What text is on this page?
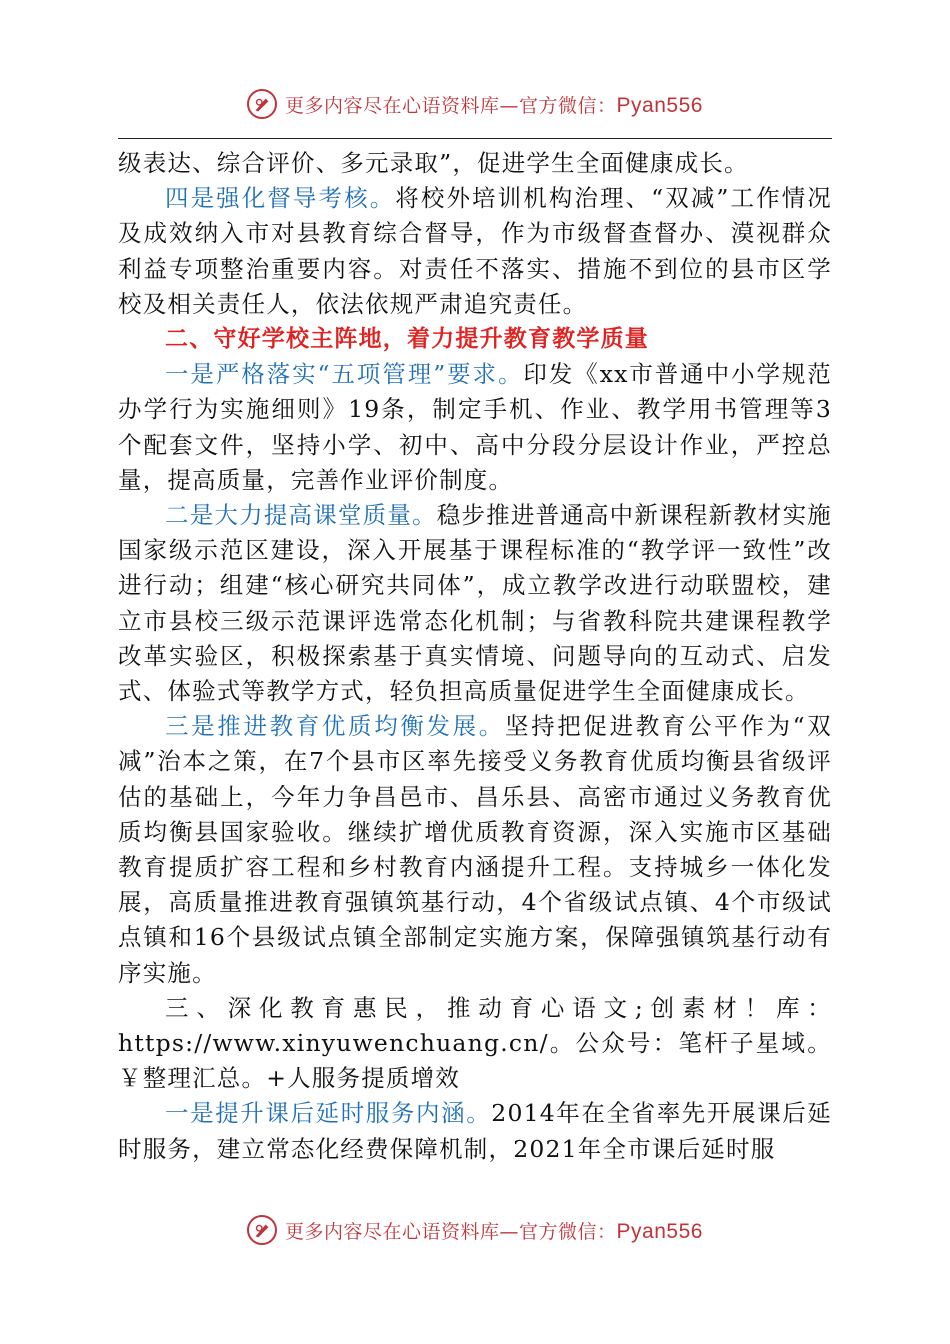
更多内容尽在心语资料库—官方微信：Pyan556

级表达、综合评价、多元录取”，促进学生全面健康成长。

四是强化督导考核。将校外培训机构治理、“双减”工作情况及成效纳入市对县教育综合督导，作为市级督查督办、漠视群众利益专项整治重要内容。对责任不落实、措施不到位的县市区学校及相关责任人，依法依规严肃追究责任。

二、守好学校主阵地，着力提升教育教学质量

一是严格落实“五项管理”要求。印发《xx市普通中小学规范办学行为实施细则》19条，制定手机、作业、教学用书管理等3个配套文件，坚持小学、初中、高中分段分层设计作业，严控总量，提高质量，完善作业评价制度。

二是大力提高课堂质量。稳步推进普通高中新课程新教材实施国家级示范区建设，深入开展基于课程标准的“教学评一致性”改进行动；组建“核心研究共同体”，成立教学改进行动联盟校，建立市县校三级示范课评选常态化机制；与省教科院共建课程教学改革实验区，积极探索基于真实情境、问题导向的互动式、启发式、体验式等教学方式，轻负担高质量促进学生全面健康成长。

三是推进教育优质均衡发展。坚持把促进教育公平作为“双减”治本之策，在7个县市区率先接受义务教育优质均衡县省级评估的基础上，今年力争昌邑市、昌乐县、高密市通过义务教育优质均衡县国家验收。继续扩增优质教育资源，深入实施市区基础教育提质扩容工程和乡村教育内涵提升工程。支持城乡一体化发展，高质量推进教育强镇筑基行动，4个省级试点镇、4个市级试点镇和16个县级试点镇全部制定实施方案，保障强镇筑基行动有序实施。

三、深化教育惠民，推动育心语文;创素材！库：https://www.xinyuwenchuang.cn/。公众号：笔杆子星域。￥整理汇总。+人服务提质增效

一是提升课后延时服务内涵。2014年在全省率先开展课后延时服务，建立常态化经费保障机制，2021年全市课后延时服

更多内容尽在心语资料库—官方微信：Pyan556
